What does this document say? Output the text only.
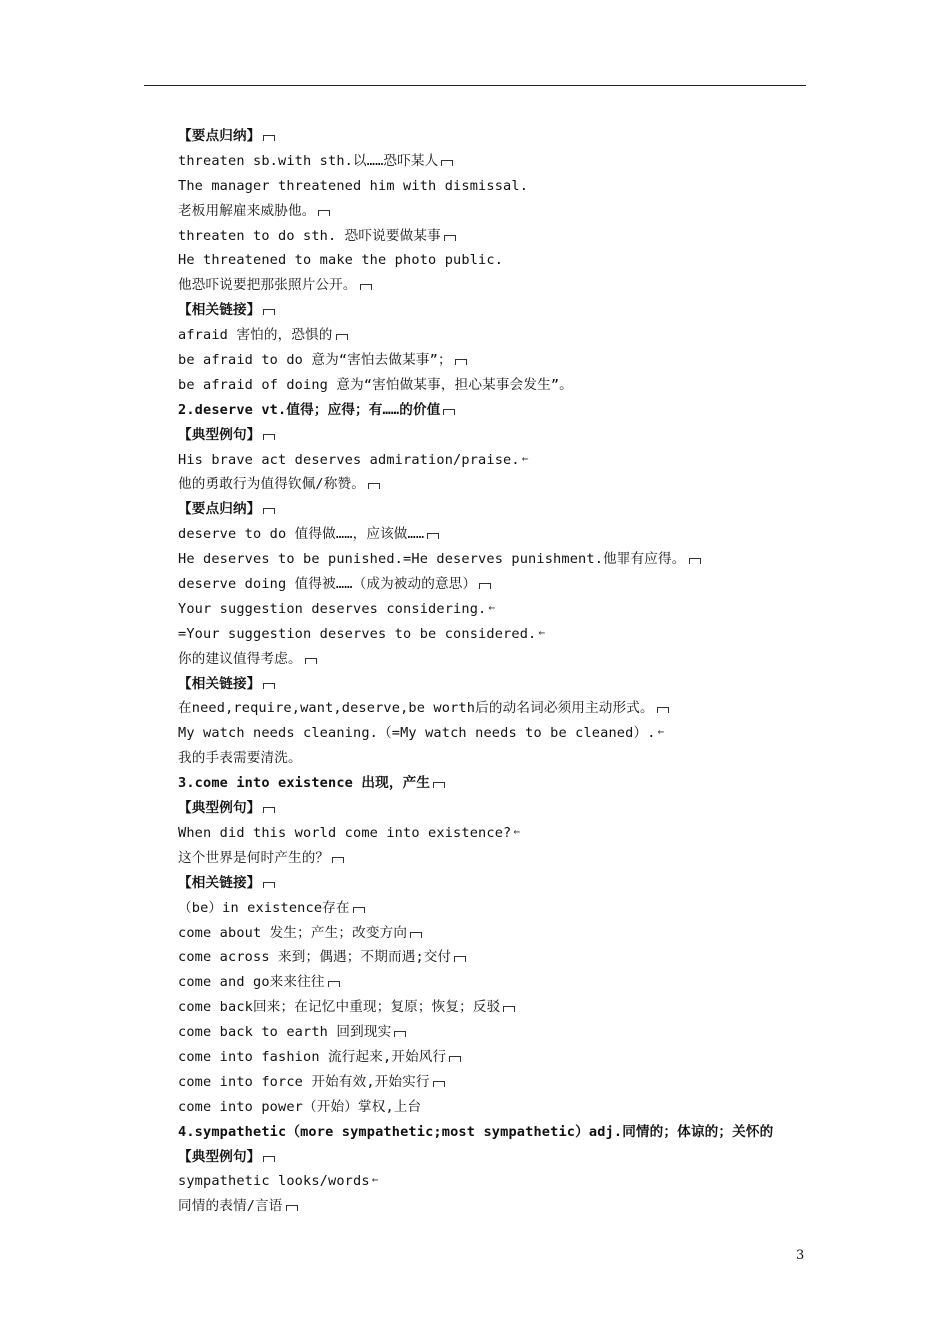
【要点归纳】
threaten sb.with sth.以……恐吓某人
The manager threatened him with dismissal.
老板用解雇来威胁他。
threaten to do sth. 恐吓说要做某事
He threatened to make the photo public.
他恐吓说要把那张照片公开。
【相关链接】
afraid 害怕的，恐惧的
be afraid to do 意为“害怕去做某事”；
be afraid of doing 意为“害怕做某事，担心某事会发生”。
2.deserve vt.值得；应得；有……的价值
【典型例句】
His brave act deserves admiration/praise.←
他的勇敢行为值得钦佩/称赞。
【要点归纳】
deserve to do 值得做……，应该做……
He deserves to be punished.=He deserves punishment.他罪有应得。
deserve doing 值得被……（成为被动的意思）
Your suggestion deserves considering.←
=Your suggestion deserves to be considered.←
你的建议值得考虑。
【相关链接】
在need,require,want,deserve,be worth后的动名词必须用主动形式。
My watch needs cleaning.（=My watch needs to be cleaned）.←
我的手表需要清洗。
3.come into existence 出现，产生
【典型例句】
When did this world come into existence?←
这个世界是何时产生的？
【相关链接】
（be）in existence存在
come about 发生；产生；改变方向
come across 来到；偶遇；不期而遇;交付
come and go来来往往
come back回来；在记忆中重现；复原；恢复；反驳
come back to earth 回到现实
come into fashion 流行起来,开始风行
come into force 开始有效,开始实行
come into power（开始）掌权,上台
4.sympathetic（more sympathetic;most sympathetic）adj.同情的；体谅的；关怀的
【典型例句】
sympathetic looks/words←
同情的表情/言语
3
